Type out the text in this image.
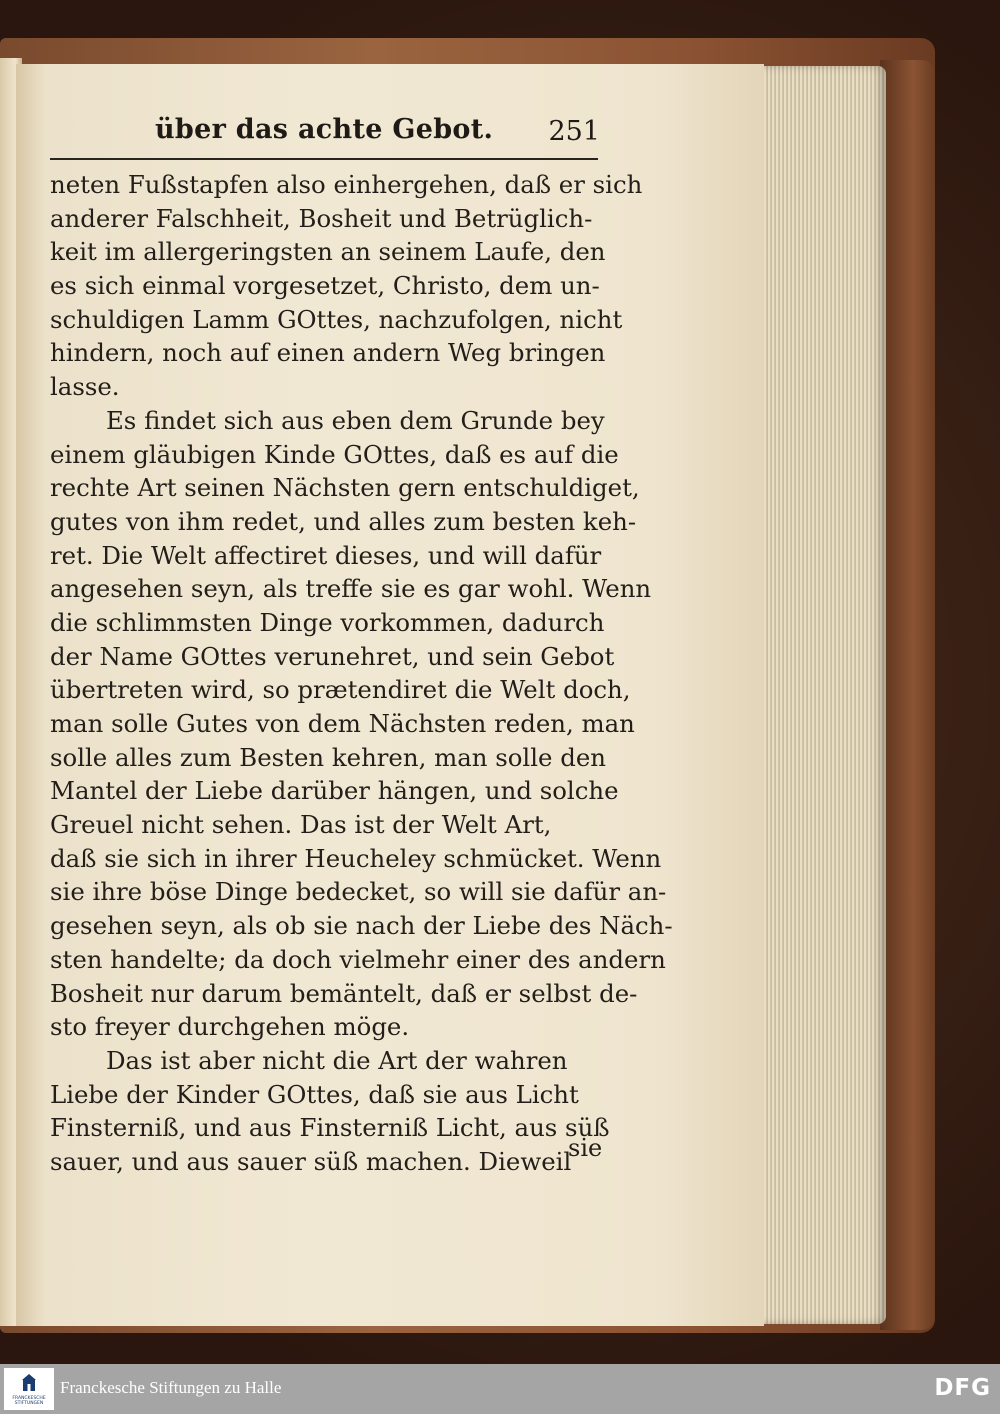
über das achte Gebot. 251
neten Fußstapfen also einhergehen, daß er sich
anderer Falschheit, Bosheit und Betrüglich-
keit im allergeringsten an seinem Laufe, den
es sich einmal vorgesetzet, Christo, dem un-
schuldigen Lamm GOttes, nachzufolgen, nicht
hindern, noch auf einen andern Weg bringen
lasse.
Es findet sich aus eben dem Grunde bey
einem gläubigen Kinde GOttes, daß es auf die
rechte Art seinen Nächsten gern entschuldiget,
gutes von ihm redet, und alles zum besten keh-
ret. Die Welt affectiret dieses, und will dafür
angesehen seyn, als treffe sie es gar wohl. Wenn
die schlimmsten Dinge vorkommen, dadurch
der Name GOttes verunehret, und sein Gebot
übertreten wird, so prætendiret die Welt doch,
man solle Gutes von dem Nächsten reden, man
solle alles zum Besten kehren, man solle den
Mantel der Liebe darüber hängen, und solche
Greuel nicht sehen. Das ist der Welt Art,
daß sie sich in ihrer Heucheley schmücket. Wenn
sie ihre böse Dinge bedecket, so will sie dafür an-
gesehen seyn, als ob sie nach der Liebe des Näch-
sten handelte; da doch vielmehr einer des andern
Bosheit nur darum bemäntelt, daß er selbst de-
sto freyer durchgehen möge.
Das ist aber nicht die Art der wahren
Liebe der Kinder GOttes, daß sie aus Licht
Finsterniß, und aus Finsterniß Licht, aus süß
sauer, und aus sauer süß machen. Dieweil
sie
FRANCKESCHE STIFTUNGEN
Franckesche Stiftungen zu Halle	DFG
